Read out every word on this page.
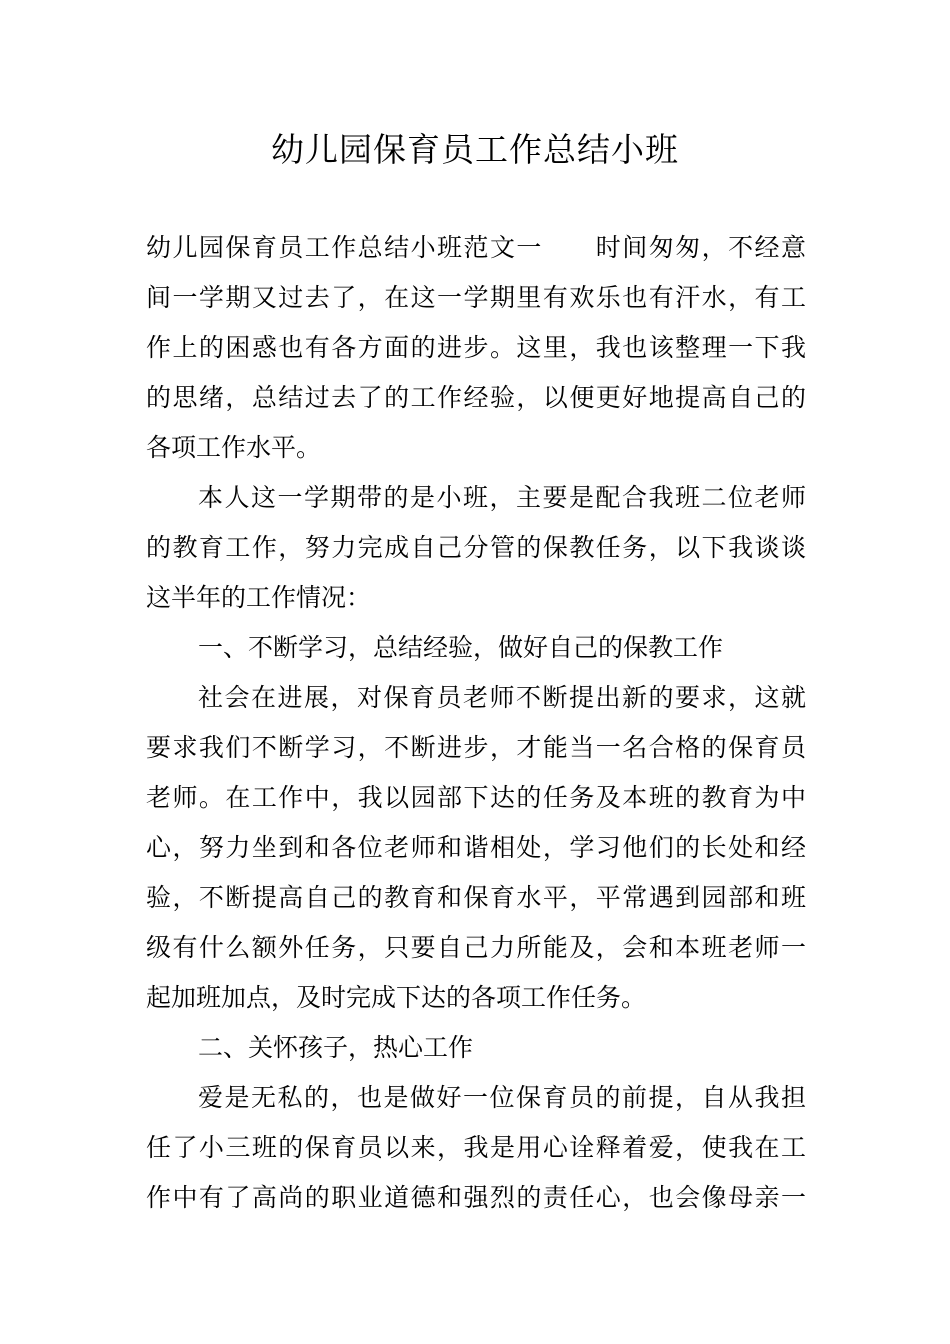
幼儿园保育员工作总结小班
幼儿园保育员工作总结小班范文一　　时间匆匆，不经意
间一学期又过去了，在这一学期里有欢乐也有汗水，有工
作上的困惑也有各方面的进步。这里，我也该整理一下我
的思绪，总结过去了的工作经验，以便更好地提高自己的
各项工作水平。
本人这一学期带的是小班，主要是配合我班二位老师
的教育工作，努力完成自己分管的保教任务，以下我谈谈
这半年的工作情况：
一、不断学习，总结经验，做好自己的保教工作
社会在进展，对保育员老师不断提出新的要求，这就
要求我们不断学习，不断进步，才能当一名合格的保育员
老师。在工作中，我以园部下达的任务及本班的教育为中
心，努力坐到和各位老师和谐相处，学习他们的长处和经
验，不断提高自己的教育和保育水平，平常遇到园部和班
级有什么额外任务，只要自己力所能及，会和本班老师一
起加班加点，及时完成下达的各项工作任务。
二、关怀孩子，热心工作
爱是无私的，也是做好一位保育员的前提，自从我担
任了小三班的保育员以来，我是用心诠释着爱，使我在工
作中有了高尚的职业道德和强烈的责任心，也会像母亲一
